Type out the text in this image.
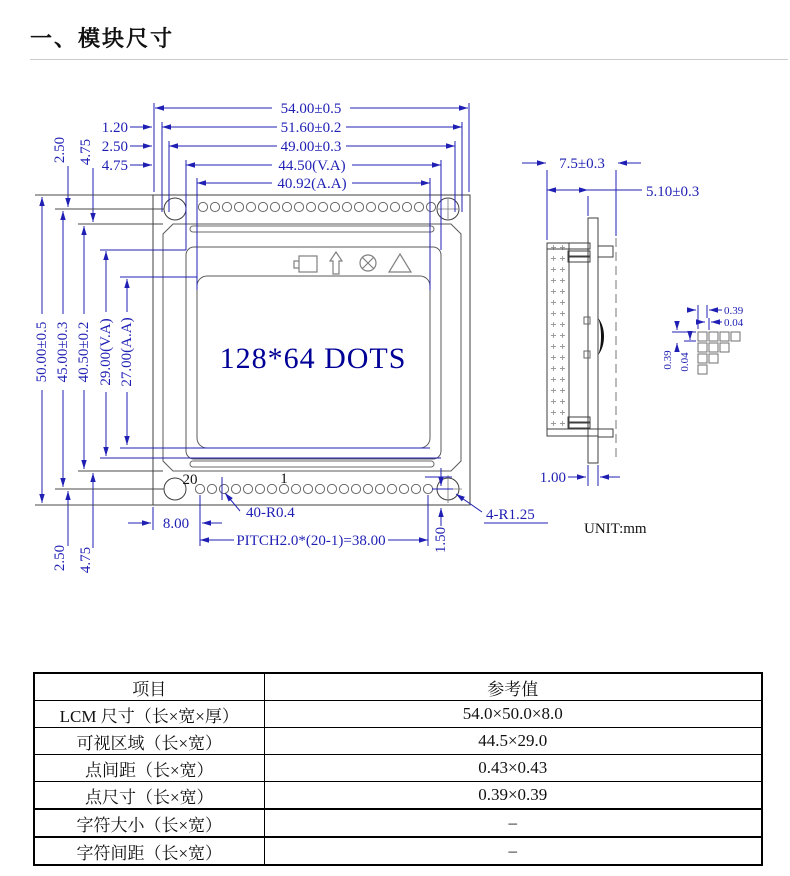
一、模块尺寸
54.00±0.5
51.60±0.2
49.00±0.3
44.50(V.A)
40.92(A.A)
1.20
2.50
4.75
2.50 4.75
50.00±0.5 45.00±0.3 40.50±0.2 29.00(V.A) 27.00(A.A)
2.50 4.75
8.00
PITCH2.0*(20-1)=38.00	1.50
40-R0.4	4-R1.25
7.5±0.3
5.10±0.3
1.00
0.39
0.04
0.39 0.04
20	1
128*64 DOTS
UNIT:mm
项目	参考值
LCM 尺寸（长×宽×厚）	54.0×50.0×8.0
可视区域（长×宽）	44.5×29.0
点间距（长×宽）	0.43×0.43
点尺寸（长×宽）	0.39×0.39
字符大小（长×宽）	–
字符间距（长×宽）	–
